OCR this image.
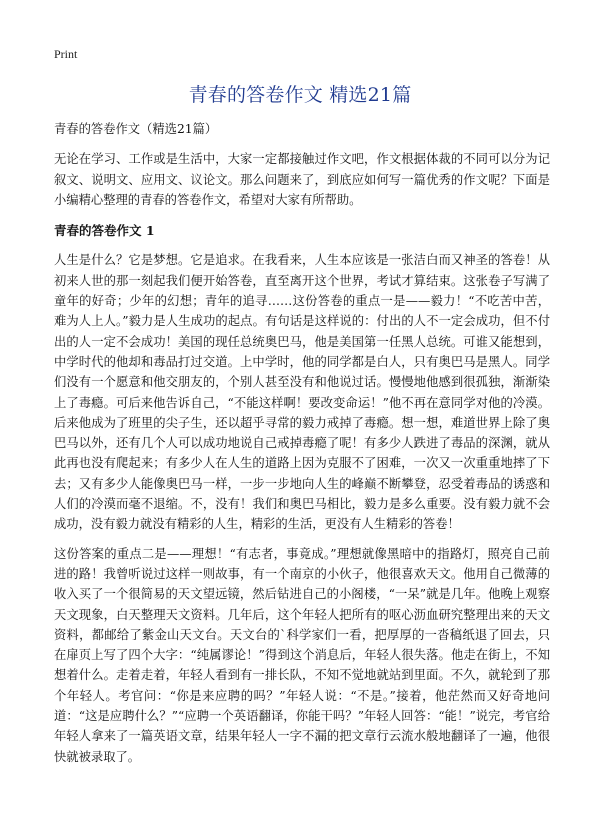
Print
青春的答卷作文 精选21篇

青春的答卷作文（精选21篇）

无论在学习、工作或是生活中，大家一定都接触过作文吧，作文根据体裁的不同可以分为记叙文、说明文、应用文、议论文。那么问题来了，到底应如何写一篇优秀的作文呢？下面是小编精心整理的青春的答卷作文，希望对大家有所帮助。

青春的答卷作文 1

人生是什么？它是梦想。它是追求。在我看来，人生本应该是一张洁白而又神圣的答卷！从初来人世的那一刻起我们便开始答卷，直至离开这个世界，考试才算结束。这张卷子写满了童年的好奇；少年的幻想；青年的追寻……这份答卷的重点一是——毅力！“不吃苦中苦，难为人上人。”毅力是人生成功的起点。有句话是这样说的：付出的人不一定会成功，但不付出的人一定不会成功！美国的现任总统奥巴马，他是美国第一任黑人总统。可谁又能想到，中学时代的他却和毒品打过交道。上中学时，他的同学都是白人，只有奥巴马是黑人。同学们没有一个愿意和他交朋友的，个别人甚至没有和他说过话。慢慢地他感到很孤独，渐渐染上了毒瘾。可后来他告诉自己，“不能这样啊！要改变命运！”他不再在意同学对他的冷漠。后来他成为了班里的尖子生，还以超乎寻常的毅力戒掉了毒瘾。想一想，难道世界上除了奥巴马以外，还有几个人可以成功地说自己戒掉毒瘾了呢！有多少人跌进了毒品的深渊，就从此再也没有爬起来；有多少人在人生的道路上因为克服不了困难，一次又一次重重地摔了下去；又有多少人能像奥巴马一样，一步一步地向人生的峰巅不断攀登，忍受着毒品的诱惑和人们的冷漠而毫不退缩。不，没有！我们和奥巴马相比，毅力是多么重要。没有毅力就不会成功，没有毅力就没有精彩的人生，精彩的生活，更没有人生精彩的答卷！

这份答案的重点二是——理想！“有志者，事竟成。”理想就像黑暗中的指路灯，照亮自己前进的路！我曾听说过这样一则故事，有一个南京的小伙子，他很喜欢天文。他用自己微薄的收入买了一个很简易的天文望远镜，然后钻进自己的小阁楼，“一呆”就是几年。他晚上观察天文现象，白天整理天文资料。几年后，这个年轻人把所有的呕心沥血研究整理出来的天文资料，都邮给了紫金山天文台。天文台的`科学家们一看，把厚厚的一沓稿纸退了回去，只在扉页上写了四个大字：“纯属谬论！”得到这个消息后，年轻人很失落。他走在街上，不知想着什么。走着走着，年轻人看到有一排长队，不知不觉地就站到里面。不久，就轮到了那个年轻人。考官问：“你是来应聘的吗？”年轻人说：“不是。”接着，他茫然而又好奇地问道：“这是应聘什么？”“应聘一个英语翻译，你能干吗？”年轻人回答：“能！”说完，考官给年轻人拿来了一篇英语文章，结果年轻人一字不漏的把文章行云流水般地翻译了一遍，他很快就被录取了。
